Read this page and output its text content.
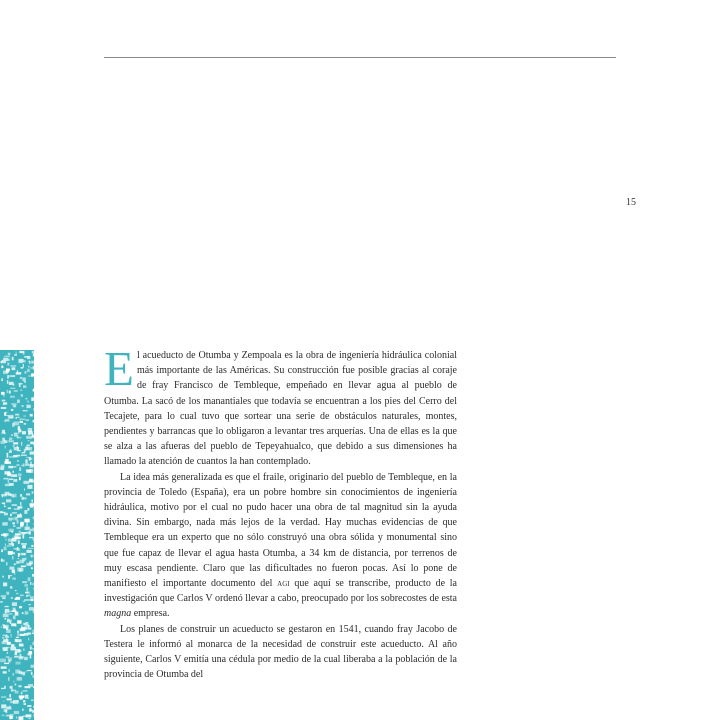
15

El acueducto de Otumba y Zempoala es la obra de ingeniería hidráulica colonial más importante de las Américas. Su construcción fue posible gracias al coraje de fray Francisco de Tembleque, empeñado en llevar agua al pueblo de Otumba. La sacó de los manantiales que todavía se encuentran a los pies del Cerro del Tecajete, para lo cual tuvo que sortear una serie de obstáculos naturales, montes, pendientes y barrancas que lo obligaron a levantar tres arquerías. Una de ellas es la que se alza a las afueras del pueblo de Tepeyahualco, que debido a sus dimensiones ha llamado la atención de cuantos la han contemplado.

La idea más generalizada es que el fraile, originario del pueblo de Tembleque, en la provincia de Toledo (España), era un pobre hombre sin conocimientos de ingeniería hidráulica, motivo por el cual no pudo hacer una obra de tal magnitud sin la ayuda divina. Sin embargo, nada más lejos de la verdad. Hay muchas evidencias de que Tembleque era un experto que no sólo construyó una obra sólida y monumental sino que fue capaz de llevar el agua hasta Otumba, a 34 km de distancia, por terrenos de muy escasa pendiente. Claro que las dificultades no fueron pocas. Así lo pone de manifiesto el importante documento del agi que aquí se transcribe, producto de la investigación que Carlos V ordenó llevar a cabo, preocupado por los sobrecostes de esta magna empresa.

Los planes de construir un acueducto se gestaron en 1541, cuando fray Jacobo de Testera le informó al monarca de la necesidad de construir este acueducto. Al año siguiente, Carlos V emitía una cédula por medio de la cual liberaba a la población de la provincia de Otumba del
